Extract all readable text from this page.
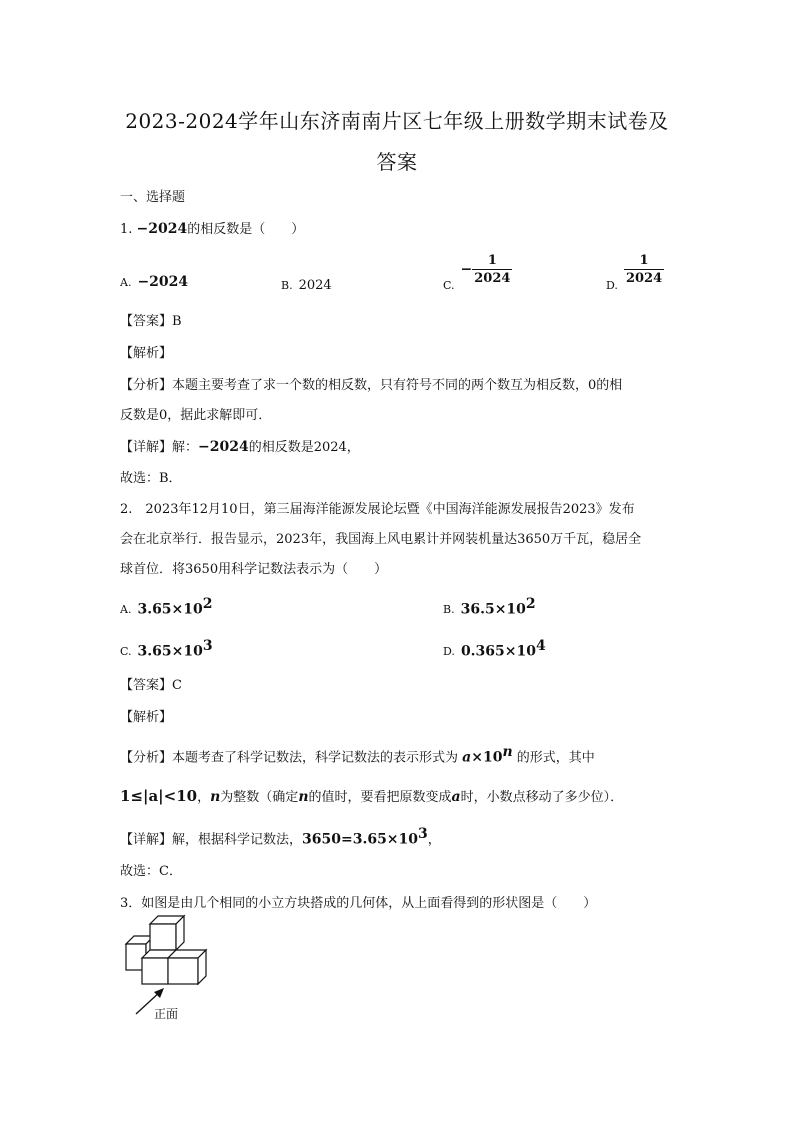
2023-2024学年山东济南南片区七年级上册数学期末试卷及
答案
一、选择题
1. −2024的相反数是（　　）
A. −2024	B. 2024	$_{C.}- \frac{1}{2024}$	$_{D.} \frac{1}{2024}$
【答案】B
【解析】
【分析】本题主要考查了求一个数的相反数，只有符号不同的两个数互为相反数，0的相
反数是0，据此求解即可．
【详解】解：−2024的相反数是2024，
故选：B．
2.　2023年12月10日，第三届海洋能源发展论坛暨《中国海洋能源发展报告2023》发布
会在北京举行．报告显示，2023年，我国海上风电累计并网装机量达3650万千瓦，稳居全
球首位．将3650用科学记数法表示为（　　）
A. $3.65\times 10^2$	B. $36.5\times 10^2$
C. $3.65\times 10^3$	D. $0.365\times 10^4$
【答案】C
【解析】
【分析】本题考查了科学记数法，科学记数法的表示形式为 $a\times 10^n$ 的形式，其中
1≤|a|<10，n为整数（确定n的值时，要看把原数变成a时，小数点移动了多少位）．
【详解】解，根据科学记数法，$3650=3.65\times 10^3$，
故选：C．
3．如图是由几个相同的小立方块搭成的几何体，从上面看得到的形状图是（　　）
正面
